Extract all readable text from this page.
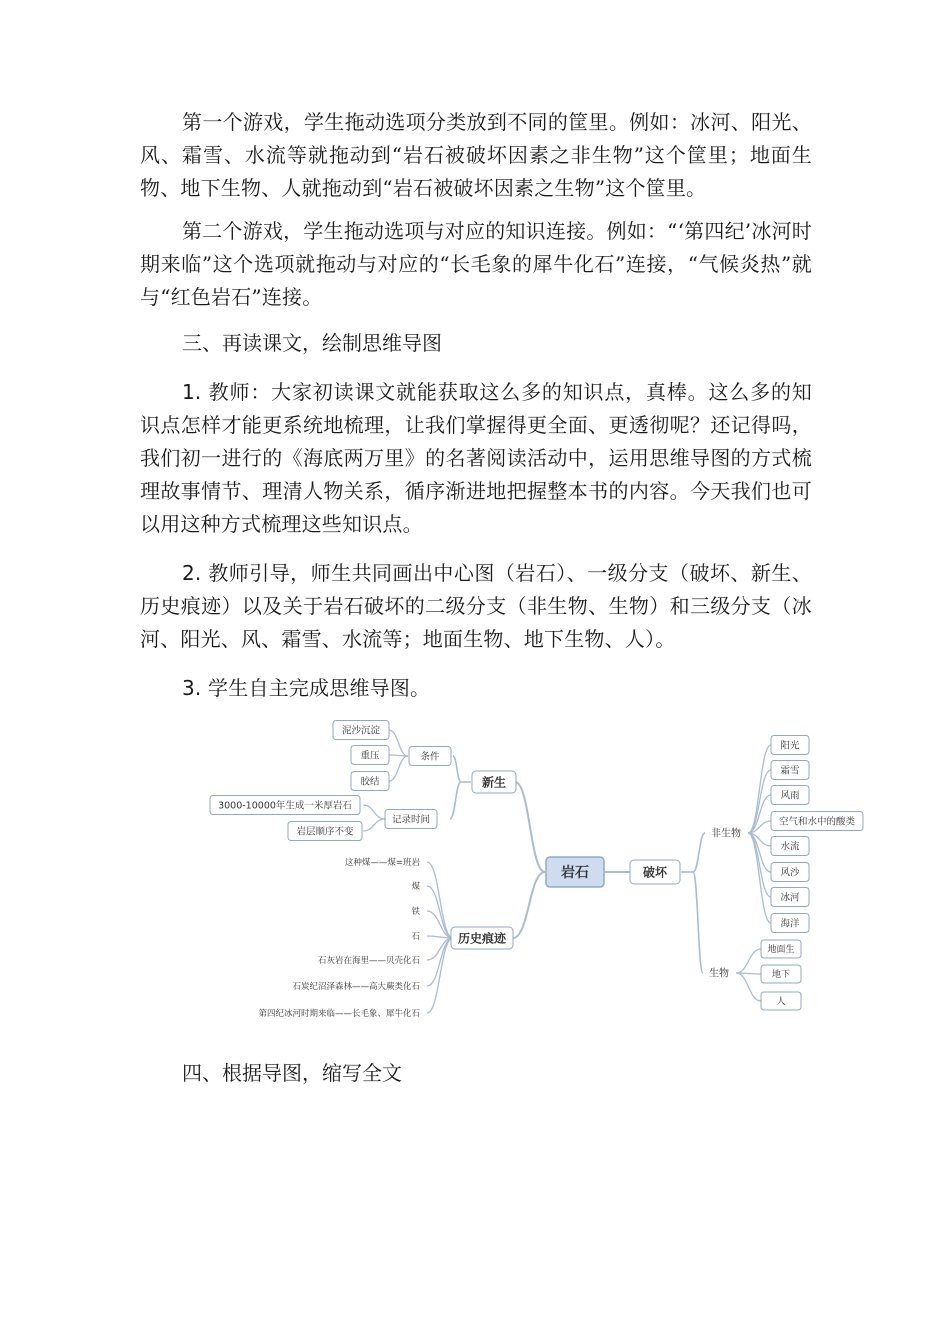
第一个游戏，学生拖动选项分类放到不同的筐里。例如：冰河、阳光、风、霜雪、水流等就拖动到“岩石被破坏因素之非生物”这个筐里；地面生物、地下生物、人就拖动到“岩石被破坏因素之生物”这个筐里。

第二个游戏，学生拖动选项与对应的知识连接。例如：“‘第四纪’冰河时期来临”这个选项就拖动与对应的“长毛象的犀牛化石”连接，“气候炎热”就与“红色岩石”连接。

三、再读课文，绘制思维导图

1. 教师：大家初读课文就能获取这么多的知识点，真棒。这么多的知识点怎样才能更系统地梳理，让我们掌握得更全面、更透彻呢？还记得吗，我们初一进行的《海底两万里》的名著阅读活动中，运用思维导图的方式梳理故事情节、理清人物关系，循序渐进地把握整本书的内容。今天我们也可以用这种方式梳理这些知识点。

2. 教师引导，师生共同画出中心图（岩石）、一级分支（破坏、新生、历史痕迹）以及关于岩石破坏的二级分支（非生物、生物）和三级分支（冰河、阳光、风、霜雪、水流等；地面生物、地下生物、人）。

3. 学生自主完成思维导图。

岩石	破坏
新生
历史痕迹
非生物
生物
阳光
霜雪
风雨
空气和水中的酸类
水流
风沙
冰河
海洋
地面生
地下
人
条件
记录时间
泥沙沉淀
重压
胶结
3000-10000年生成一米厚岩石
岩层顺序不变
这种煤——煤=班岩
煤
铁
石
石灰岩在海里——贝壳化石
石炭纪沼泽森林——高大蕨类化石
第四纪冰河时期来临——长毛象、犀牛化石

四、根据导图，缩写全文
